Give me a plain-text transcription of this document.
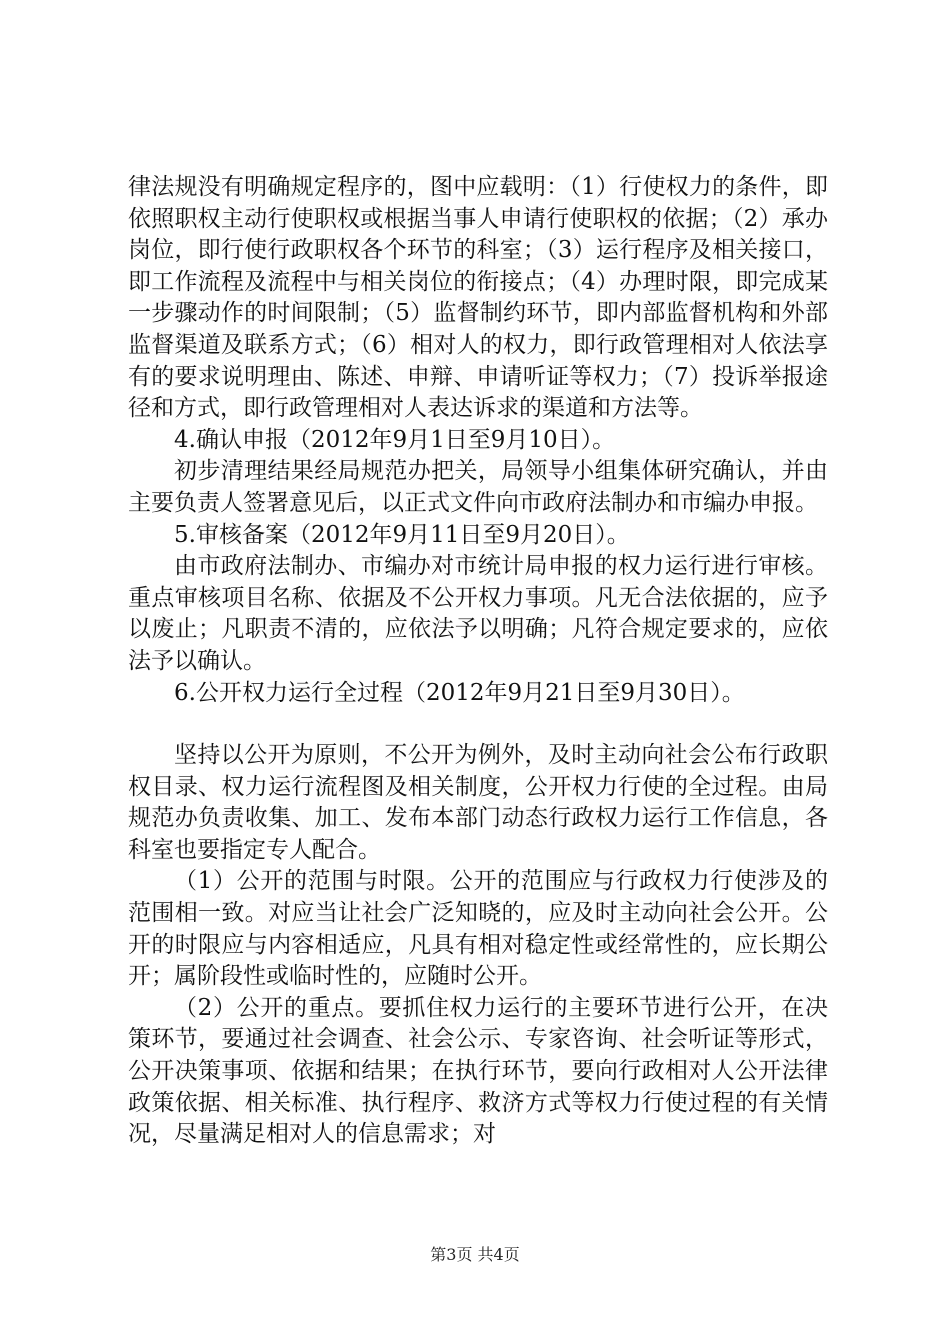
律法规没有明确规定程序的，图中应载明：（1）行使权力的条件，即依照职权主动行使职权或根据当事人申请行使职权的依据；（2）承办岗位，即行使行政职权各个环节的科室；（3）运行程序及相关接口，即工作流程及流程中与相关岗位的衔接点；（4）办理时限，即完成某一步骤动作的时间限制；（5）监督制约环节，即内部监督机构和外部监督渠道及联系方式；（6）相对人的权力，即行政管理相对人依法享有的要求说明理由、陈述、申辩、申请听证等权力；（7）投诉举报途径和方式，即行政管理相对人表达诉求的渠道和方法等。

4.确认申报（2012年9月1日至9月10日）。

初步清理结果经局规范办把关，局领导小组集体研究确认，并由主要负责人签署意见后，以正式文件向市政府法制办和市编办申报。

5.审核备案（2012年9月11日至9月20日）。

由市政府法制办、市编办对市统计局申报的权力运行进行审核。重点审核项目名称、依据及不公开权力事项。凡无合法依据的，应予以废止；凡职责不清的，应依法予以明确；凡符合规定要求的，应依法予以确认。

6.公开权力运行全过程（2012年9月21日至9月30日）。

坚持以公开为原则，不公开为例外，及时主动向社会公布行政职权目录、权力运行流程图及相关制度，公开权力行使的全过程。由局规范办负责收集、加工、发布本部门动态行政权力运行工作信息，各科室也要指定专人配合。

（1）公开的范围与时限。公开的范围应与行政权力行使涉及的范围相一致。对应当让社会广泛知晓的，应及时主动向社会公开。公开的时限应与内容相适应，凡具有相对稳定性或经常性的，应长期公开；属阶段性或临时性的，应随时公开。

（2）公开的重点。要抓住权力运行的主要环节进行公开，在决策环节，要通过社会调查、社会公示、专家咨询、社会听证等形式，公开决策事项、依据和结果；在执行环节，要向行政相对人公开法律政策依据、相关标准、执行程序、救济方式等权力行使过程的有关情况，尽量满足相对人的信息需求；对

第3页 共4页
